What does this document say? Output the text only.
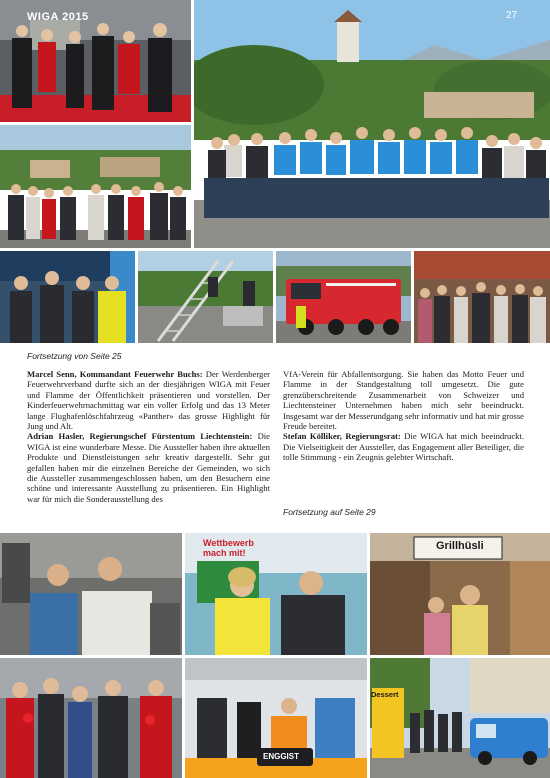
WIGA 2015	27
Fortsetzung von Seite 25

Marcel Senn, Kommandant Feuerwehr Buchs: Der Werdenberger Feuerwehrverband durfte sich an der diesjährigen WIGA mit Feuer und Flamme der Öffentlichkeit präsentieren und vorstellen. Der Kinderfeuerwehrnachmittag war ein voller Erfolg und das 13 Meter lange Flughafenlöschfahrzeug «Panther» das grosse Highlight für Jung und Alt.

Adrian Hasler, Regierungschef Fürstentum Liechtenstein: Die WIGA ist eine wunderbare Messe. Die Aussteller haben ihre aktuellen Produkte und Dienstleistungen sehr kreativ dargestellt. Sehr gut gefallen haben mir die einzelnen Bereiche der Gemeinden, wo sich die Aussteller zusammengeschlossen haben, um den Besuchern eine schöne und interessante Ausstellung zu präsentieren. Ein Highlight war für mich die Sonderausstellung des

VfA-Verein für Abfallentsorgung. Sie haben das Motto Feuer und Flamme in der Standgestaltung toll umgesetzt. Die gute grenzüberschreitende Zusammenarbeit von Schweizer und Liechtensteiner Unternehmen haben mich sehr beeindruckt. Insgesamt war der Messerundgang sehr informativ und hat mir grosse Freude bereitet.

Stefan Kölliker, Regierungsrat: Die WIGA hat mich beeindruckt. Die Vielseitigkeit der Aussteller, das Engagement aller Beteiliger, die tolle Stimmung - ein Zeugnis gelebter Wirtschaft.

Fortsetzung auf Seite 29
Wettbewerb mach mit!
Grillhüsli
ENGGIST
Dessert
